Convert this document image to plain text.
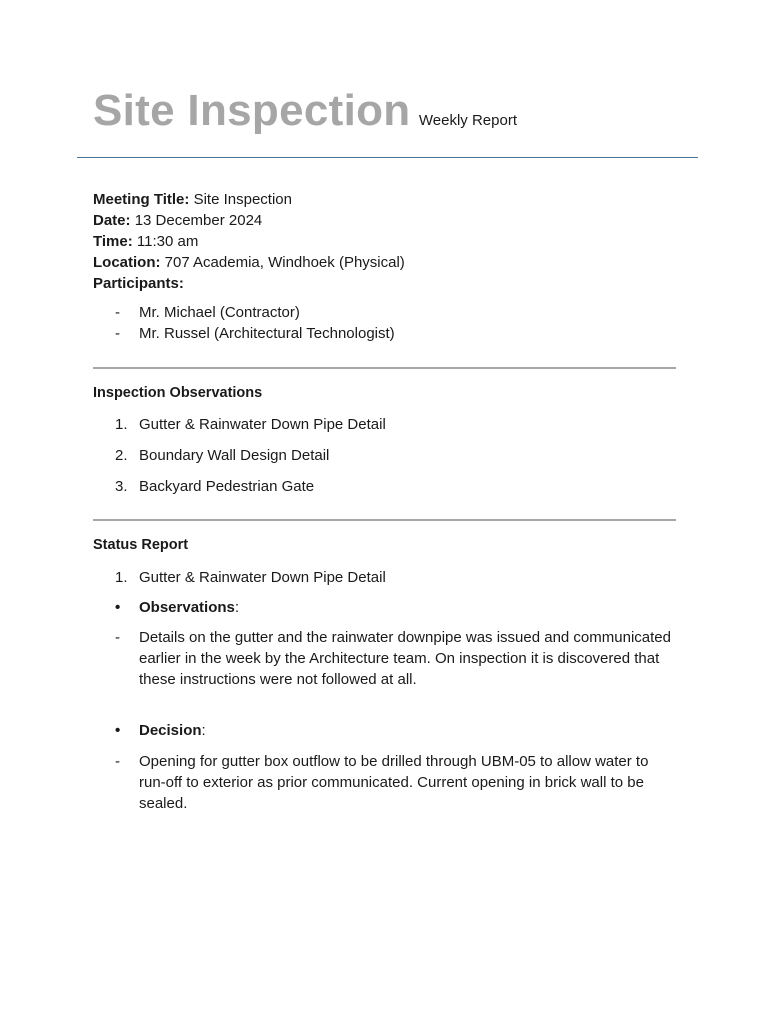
Site Inspection Weekly Report
Meeting Title: Site Inspection
Date: 13 December 2024
Time: 11:30 am
Location: 707 Academia, Windhoek (Physical)
Participants:
- Mr. Michael (Contractor)
- Mr. Russel (Architectural Technologist)
Inspection Observations
1. Gutter & Rainwater Down Pipe Detail
2. Boundary Wall Design Detail
3. Backyard Pedestrian Gate
Status Report
1. Gutter & Rainwater Down Pipe Detail
•	Observations:
-	Details on the gutter and the rainwater downpipe was issued and communicated earlier in the week by the Architecture team. On inspection it is discovered that these instructions were not followed at all.
•	Decision:
-	Opening for gutter box outflow to be drilled through UBM-05 to allow water to run-off to exterior as prior communicated. Current opening in brick wall to be sealed.
